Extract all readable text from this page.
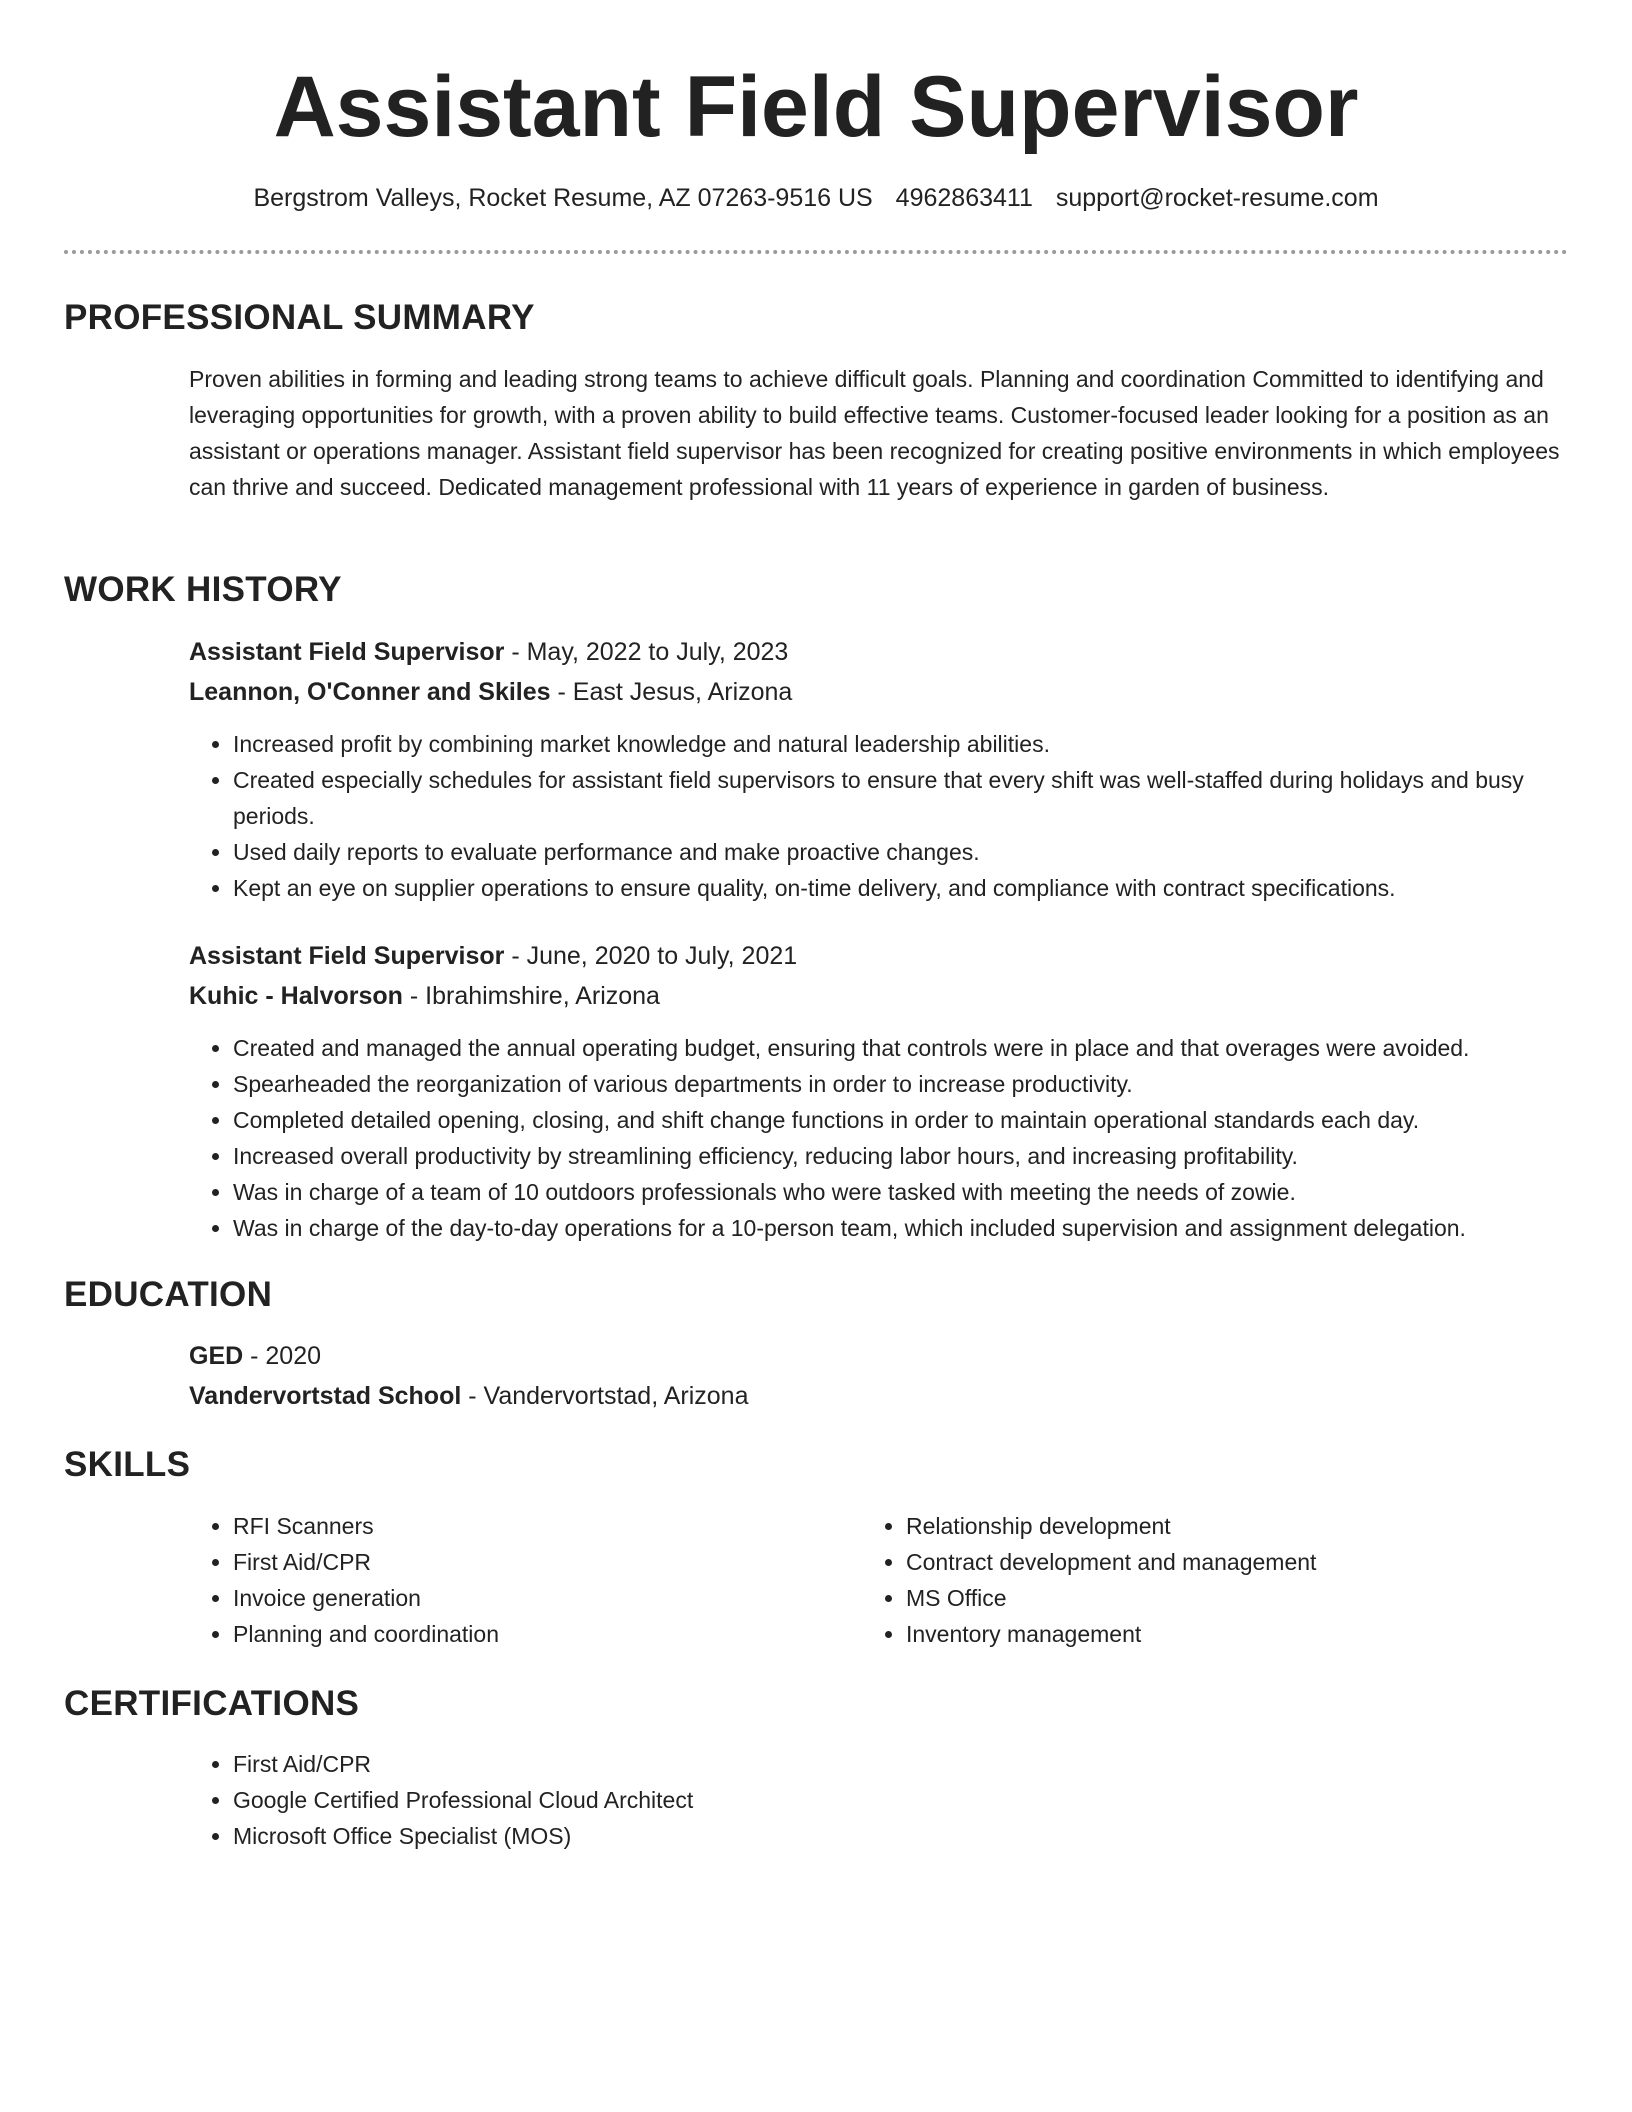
Assistant Field Supervisor
Bergstrom Valleys, Rocket Resume, AZ 07263-9516 US 4962863411 support@rocket-resume.com
PROFESSIONAL SUMMARY

Proven abilities in forming and leading strong teams to achieve difficult goals. Planning and coordination Committed to identifying and leveraging opportunities for growth, with a proven ability to build effective teams. Customer-focused leader looking for a position as an assistant or operations manager. Assistant field supervisor has been recognized for creating positive environments in which employees can thrive and succeed. Dedicated management professional with 11 years of experience in garden of business.

WORK HISTORY
Assistant Field Supervisor - May, 2022 to July, 2023
Leannon, O'Conner and Skiles - East Jesus, Arizona
• Increased profit by combining market knowledge and natural leadership abilities.
• Created especially schedules for assistant field supervisors to ensure that every shift was well-staffed during holidays and busy periods.
• Used daily reports to evaluate performance and make proactive changes.
• Kept an eye on supplier operations to ensure quality, on-time delivery, and compliance with contract specifications.
Assistant Field Supervisor - June, 2020 to July, 2021
Kuhic - Halvorson - Ibrahimshire, Arizona
• Created and managed the annual operating budget, ensuring that controls were in place and that overages were avoided.
• Spearheaded the reorganization of various departments in order to increase productivity.
• Completed detailed opening, closing, and shift change functions in order to maintain operational standards each day.
• Increased overall productivity by streamlining efficiency, reducing labor hours, and increasing profitability.
• Was in charge of a team of 10 outdoors professionals who were tasked with meeting the needs of zowie.
• Was in charge of the day-to-day operations for a 10-person team, which included supervision and assignment delegation.
EDUCATION
GED - 2020
Vandervortstad School - Vandervortstad, Arizona
SKILLS
• RFI Scanners
• First Aid/CPR
• Invoice generation
• Planning and coordination
• Relationship development
• Contract development and management
• MS Office
• Inventory management
CERTIFICATIONS
• First Aid/CPR
• Google Certified Professional Cloud Architect
• Microsoft Office Specialist (MOS)
